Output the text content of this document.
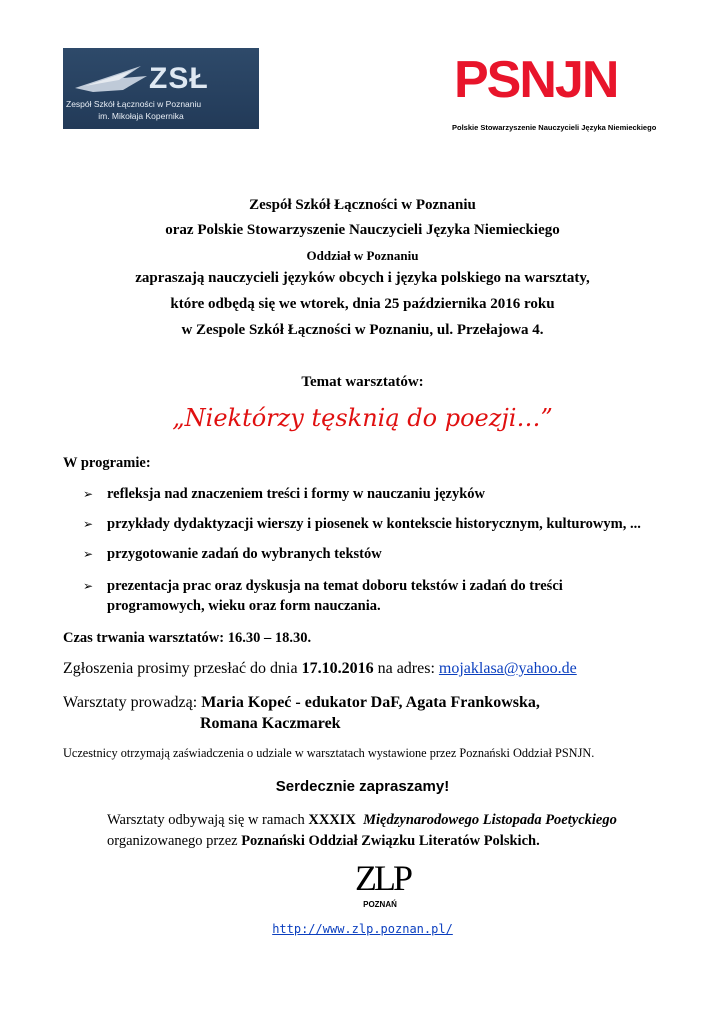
ZSŁ
Zespół Szkół Łączności w Poznaniu
im. Mikołaja Kopernika
PSNJN
Polskie Stowarzyszenie Nauczycieli Języka Niemieckiego
Zespół Szkół Łączności w Poznaniu
oraz Polskie Stowarzyszenie Nauczycieli Języka Niemieckiego
Oddział w Poznaniu
zapraszają nauczycieli języków obcych i języka polskiego na warsztaty,
które odbędą się we wtorek, dnia 25 października 2016 roku
w Zespole Szkół Łączności w Poznaniu, ul. Przełajowa 4.
Temat warsztatów:
„Niektórzy tęsknią do poezji…”
W programie:
➢ refleksja nad znaczeniem treści i formy w nauczaniu języków
➢ przykłady dydaktyzacji wierszy i piosenek w kontekscie historycznym, kulturowym, ...
➢ przygotowanie zadań do wybranych tekstów
➢ prezentacja prac oraz dyskusja na temat doboru tekstów i zadań do treści
programowych, wieku oraz form nauczania.
Czas trwania warsztatów: 16.30 – 18.30.
Zgłoszenia prosimy przesłać do dnia 17.10.2016 na adres: mojaklasa@yahoo.de
Warsztaty prowadzą: Maria Kopeć - edukator DaF, Agata Frankowska,
Romana Kaczmarek
Uczestnicy otrzymają zaświadczenia o udziale w warsztatach wystawione przez Poznański Oddział PSNJN.
Serdecznie zapraszamy!
Warsztaty odbywają się w ramach XXXIX Międzynarodowego Listopada Poetyckiego
organizowanego przez Poznański Oddział Związku Literatów Polskich.
ZLP
POZNAŃ
http://www.zlp.poznan.pl/
